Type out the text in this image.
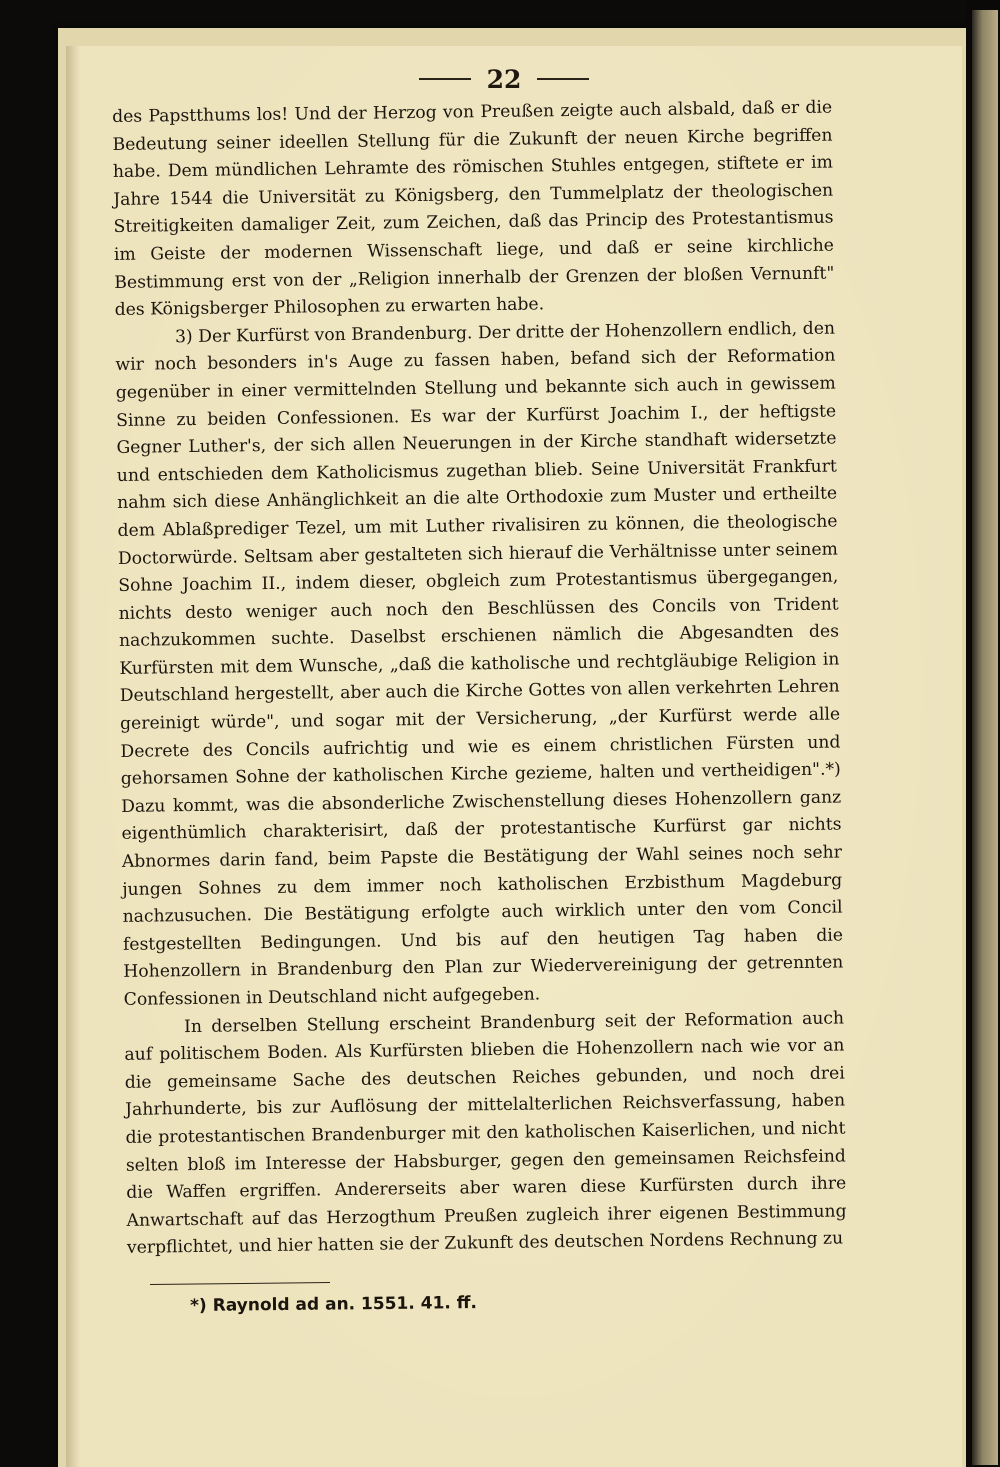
22

des Papstthums los! Und der Herzog von Preußen zeigte auch alsbald, daß er die Bedeutung seiner ideellen Stellung für die Zukunft der neuen Kirche begriffen habe. Dem mündlichen Lehramte des römischen Stuhles entgegen, stiftete er im Jahre 1544 die Universität zu Königsberg, den Tummelplatz der theologischen Streitigkeiten damaliger Zeit, zum Zeichen, daß das Princip des Protestantismus im Geiste der modernen Wissenschaft liege, und daß er seine kirchliche Bestimmung erst von der „Religion innerhalb der Grenzen der bloßen Vernunft" des Königsberger Philosophen zu erwarten habe.

3) Der Kurfürst von Brandenburg. Der dritte der Hohenzollern endlich, den wir noch besonders in's Auge zu fassen haben, befand sich der Reformation gegenüber in einer vermittelnden Stellung und bekannte sich auch in gewissem Sinne zu beiden Confessionen. Es war der Kurfürst Joachim I., der heftigste Gegner Luther's, der sich allen Neuerungen in der Kirche standhaft widersetzte und entschieden dem Katholicismus zugethan blieb. Seine Universität Frankfurt nahm sich diese Anhänglichkeit an die alte Orthodoxie zum Muster und ertheilte dem Ablaßprediger Tezel, um mit Luther rivalisiren zu können, die theologische Doctorwürde. Seltsam aber gestalteten sich hierauf die Verhältnisse unter seinem Sohne Joachim II., indem dieser, obgleich zum Protestantismus übergegangen, nichts desto weniger auch noch den Beschlüssen des Concils von Trident nachzukommen suchte. Daselbst erschienen nämlich die Abgesandten des Kurfürsten mit dem Wunsche, „daß die katholische und rechtgläubige Religion in Deutschland hergestellt, aber auch die Kirche Gottes von allen verkehrten Lehren gereinigt würde", und sogar mit der Versicherung, „der Kurfürst werde alle Decrete des Concils aufrichtig und wie es einem christlichen Fürsten und gehorsamen Sohne der katholischen Kirche gezieme, halten und vertheidigen".*) Dazu kommt, was die absonderliche Zwischenstellung dieses Hohenzollern ganz eigenthümlich charakterisirt, daß der protestantische Kurfürst gar nichts Abnormes darin fand, beim Papste die Bestätigung der Wahl seines noch sehr jungen Sohnes zu dem immer noch katholischen Erzbisthum Magdeburg nachzusuchen. Die Bestätigung erfolgte auch wirklich unter den vom Concil festgestellten Bedingungen. Und bis auf den heutigen Tag haben die Hohenzollern in Brandenburg den Plan zur Wiedervereinigung der getrennten Confessionen in Deutschland nicht aufgegeben.

In derselben Stellung erscheint Brandenburg seit der Reformation auch auf politischem Boden. Als Kurfürsten blieben die Hohenzollern nach wie vor an die gemeinsame Sache des deutschen Reiches gebunden, und noch drei Jahrhunderte, bis zur Auflösung der mittelalterlichen Reichsverfassung, haben die protestantischen Brandenburger mit den katholischen Kaiserlichen, und nicht selten bloß im Interesse der Habsburger, gegen den gemeinsamen Reichsfeind die Waffen ergriffen. Andererseits aber waren diese Kurfürsten durch ihre Anwartschaft auf das Herzogthum Preußen zugleich ihrer eigenen Bestimmung verpflichtet, und hier hatten sie der Zukunft des deutschen Nordens Rechnung zu

*) Raynold ad an. 1551. 41. ff.
